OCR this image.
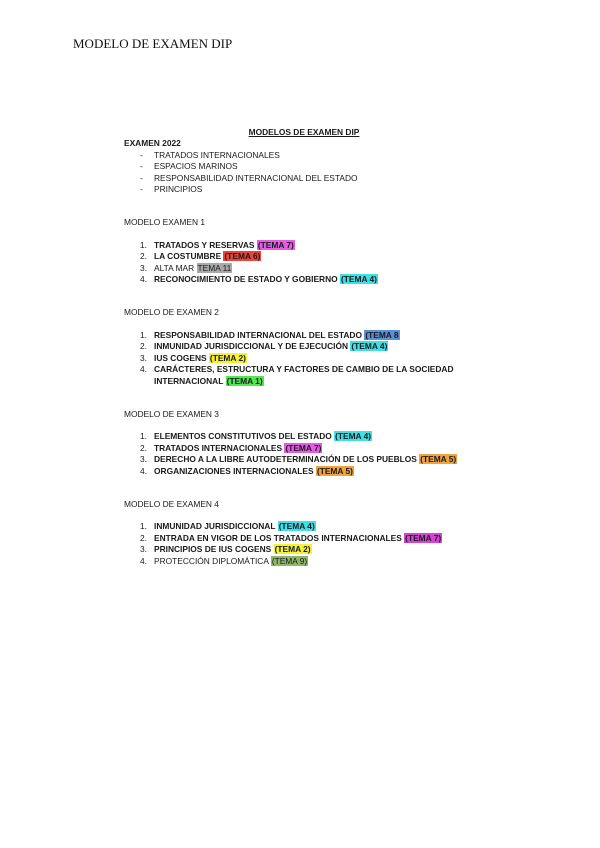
MODELO DE EXAMEN DIP
MODELOS DE EXAMEN DIP
EXAMEN 2022
- TRATADOS INTERNACIONALES
- ESPACIOS MARINOS
- RESPONSABILIDAD INTERNACIONAL DEL ESTADO
- PRINCIPIOS
MODELO EXAMEN 1
1. TRATADOS Y RESERVAS (TEMA 7)
2. LA COSTUMBRE (TEMA 6)
3. ALTA MAR TEMA 11
4. RECONOCIMIENTO DE ESTADO Y GOBIERNO (TEMA 4)
MODELO DE EXAMEN 2
1. RESPONSABILIDAD INTERNACIONAL DEL ESTADO (TEMA 8
2. INMUNIDAD JURISDICCIONAL Y DE EJECUCIÓN (TEMA 4)
3. IUS COGENS (TEMA 2)
4. CARÁCTERES, ESTRUCTURA Y FACTORES DE CAMBIO DE LA SOCIEDAD INTERNACIONAL (TEMA 1)
MODELO DE EXAMEN 3
1. ELEMENTOS CONSTITUTIVOS DEL ESTADO (TEMA 4)
2. TRATADOS INTERNACIONALES (TEMA 7)
3. DERECHO A LA LIBRE AUTODETERMINACIÓN DE LOS PUEBLOS (TEMA 5)
4. ORGANIZACIONES INTERNACIONALES (TEMA 5)
MODELO DE EXAMEN 4
1. INMUNIDAD JURISDICCIONAL (TEMA 4)
2. ENTRADA EN VIGOR DE LOS TRATADOS INTERNACIONALES (TEMA 7)
3. PRINCIPIOS DE IUS COGENS (TEMA 2)
4. PROTECCIÓN DIPLOMÁTICA (TEMA 9)
